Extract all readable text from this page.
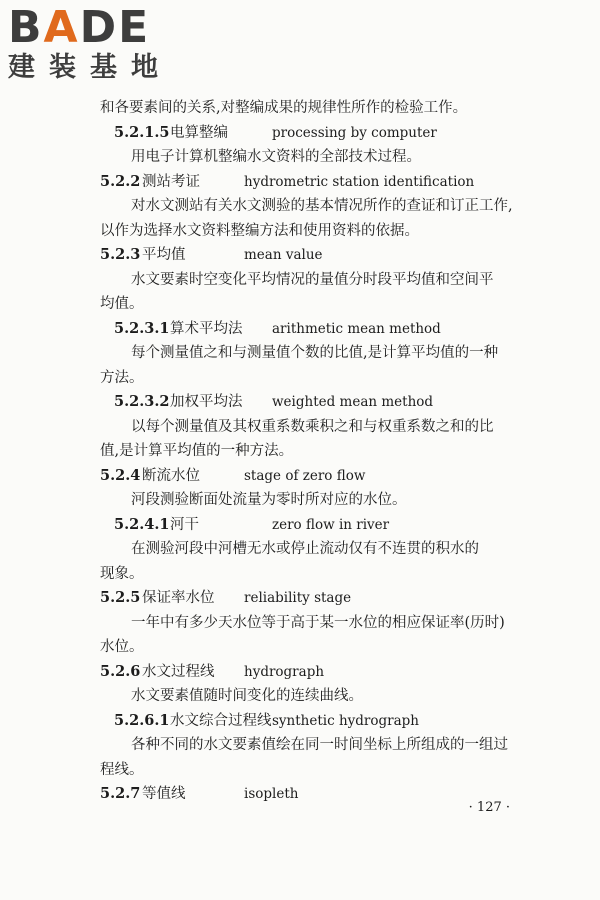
BADE
建装基地
和各要素间的关系,对整编成果的规律性所作的检验工作。
5.2.1.5电算整编	processing by computer
用电子计算机整编水文资料的全部技术过程。
5.2.2 测站考证	hydrometric station identification
对水文测站有关水文测验的基本情况所作的查证和订正工作,
以作为选择水文资料整编方法和使用资料的依据。
5.2.3 平均值	mean value
水文要素时空变化平均情况的量值分时段平均值和空间平
均值。
5.2.3.1算术平均法 arithmetic mean method
每个测量值之和与测量值个数的比值,是计算平均值的一种
方法。
5.2.3.2加权平均法 weighted mean method
以每个测量值及其权重系数乘积之和与权重系数之和的比
值,是计算平均值的一种方法。
5.2.4 断流水位	stage of zero flow
河段测验断面处流量为零时所对应的水位。
5.2.4.1河干	zero flow in river
在测验河段中河槽无水或停止流动仅有不连贯的积水的
现象。
5.2.5 保证率水位 reliability stage
一年中有多少天水位等于高于某一水位的相应保证率(历时)
水位。
5.2.6 水文过程线 hydrograph
水文要素值随时间变化的连续曲线。
5.2.6.1水文综合过程线synthetic hydrograph
各种不同的水文要素值绘在同一时间坐标上所组成的一组过
程线。
5.2.7 等值线	isopleth
· 127 ·
